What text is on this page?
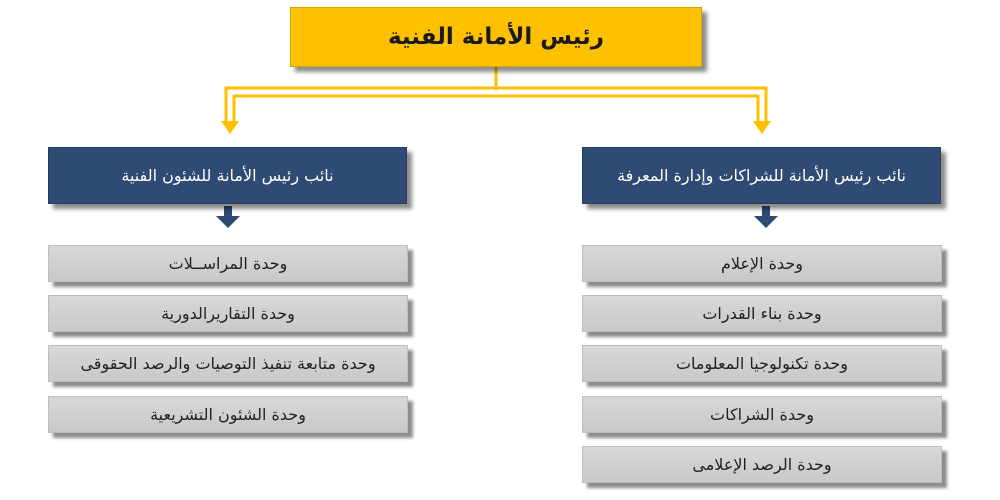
رئيس الأمانة الفنية
نائب رئيس الأمانة للشئون الفنية	نائب رئيس الأمانة للشراكات وإدارة المعرفة
وحدة المراســلات
وحدة التقاريرالدورية
وحدة متابعة تنفيذ التوصيات والرصد الحقوقى
وحدة الشئون التشريعية
وحدة الإعلام
وحدة بناء القدرات
وحدة تكنولوجيا المعلومات
وحدة الشراكات
وحدة الرصد الإعلامى
